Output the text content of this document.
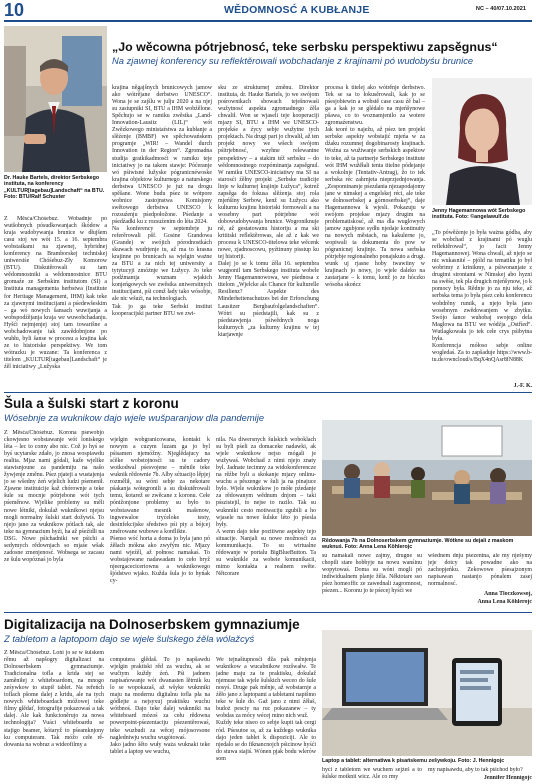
10	WĚDOMNOSĆ A KUBŁANJE	NC – 40/07.10.2021
Dr. Hauke Bartels, direktor Serbskego instituta, na konferency „KULTUR[tagebau]Landschaft“ na BTU. Foto: BTU/Ralf Schuster
„Jo wěcowna pótrjebnosć, teke serbsku perspektiwu zapsěgnus“
Na zjawnej konferency su reflektěrowali wobchadanje z krajinami pó wudobyśu brunice

Z Měsća/Chóśebuz. Wobadnje po wutšobnych pósudkowanjach škódow a kraja wudobywanja brunice w dłujšem casu stoj we wót 15. a 16. septembra wobstatkami na zjawnej, hybridnej konferency na Bramborskej techniskej uniwersiśe Chóśebuz-Zły Komorow (BTU). Diskutěrowali su tam wědomnostniki a wědomnostnice BTU gromaźe ze Serbskim institutom (SI) a Instituta managementa herbstwa (Institute for Heritage Management, IHM) kak teke za zjawnymi institucijami a pśedewšeskim – ga wó nowych šansach wuwijanja a wobspodźějanja kraja we wuwobchadanju. Hyšći nejmjenjej stoj tam towarišne a wobchadowanje tak zawědobnjone po wuhłu, byli šanse w procesu a krajina kak ze to historiske perspektiwy. We tom wótrazku je wuzane: Ta konferenca z titelom „KULTUR[tagebau]Landschaft“ je źěl iniciatiwy „Lužyska

krajina něgajšnych brunicowych jamow ako wótrějane derbstwo UNESCO“. Wona je se zajšlu w julju 2020 a na njej su zastupniki SI, BTU a IHM wobźělone. Spěchujo se w ramiku zwěstka „Land-Innovation-Lausitz (LIL)“ wót Zwězkowego ministaŕstwa za kubłanje a slěźenje (BMBF) we spěchowańskem programje „WIR! – Wandel durch Innovation in der Region“. Zgromadna studija gratkikadmosći w ramiku teje iniciatiwy jo na takem stawje: Póćeranje wó pśiwisné lužyske pógranicnéwoske krajina objektow kulturnego a naturskego derbstwa UNESCO je już na drogu spěšane. Wone budu pśez te wótpore wobnice zastojnstwa Komisjony swětowego derbstwa UNESCO k rozsuźenju pśedpołožone. Pśedanje a pśedźadki ku z rozsuźenim do léta 2024.
Na konferency w septembrje ju referěrowali pšf. Gosine Grandowa (Grande) w swójich pórodnostkách skuwach wudrjenje tu, až ma to krasna krajinne po brunicach sa wjelgin ważne za BTU a za nich tej uniwersity a tytytucyji zmóżnje we Łužycy. Jo teke podźmamja wuznam wjakich konjeńgowych we zwěstka uniwersitnych institucijami, pśi comž łady tako wósobje, ale nic wšuźi, na technologiach.
Tak jo ga teke Serbski institut kooperacijski partner BTU we zwi-

sku ze strukturnej změnu. Direktor instituta, dr. Hauke Bartels, jo we swójom pośrownikach sbowach teješnowaśi wužytnosć aspekta zgromadnego źěla chwalił. Won se wjaseli teje kooperaciji mjazy SI, BTU a IHM we UNESCO-projekśe a źycy sebje wužytne tych projektach. Na drugi part jo chwalił, až ten projekt nowy we wšech swójom pśitrjebnosć, wzyhne relewantne perspektiwy – a stakim též serbsku – do wědomnostnego rozpóminanja zapsěgnul. W ramiku UNESCO-iniciatiwy ma SI na starosći źěłny projekt „Serbske tradicije linje w kulturnej krajinje Łužyca“, kotrež zapsěga do fokusa slěźenja stoj rola mjeńšiny Serbow, kenž su Łužycu ako kulturnu krajinu historiski formowali a na wosebny part pótrjebne wót dobowudobywanja brunice. Wogroniknuje ně, až gestatowanu historiju a ma ski krititski reflektěrowas, ale až z kak we procesu k UNESCO-titelowa teke wěcenk nowe, zjadnoscowu, pyźtinuny pisstup ku tej historiji.
Dalej jo se k tomu źěla 16. septembra wugponil tam Serbskego instituta wobele Jenny Hagemannowowa, we pśednosa z titelom „Wjelcke als Chance für kulturelle Resilienz? Aspekte des Minderheitenschutzes bei der Erforschung Lausitzer Bergbaufolgelandschaften“. Wótri su pśedstajili, kak su z pśedstawjenja pśiwědnych noga kulturnych „za kulturny krajinu w tej ktarjawnje

procesa k titelej ako wótrěnje derbstwo. Tek se sa to łokusěrowali, kak jo se pśesjobiewin a wobstě case casu źě bal – ga a kak jo se glédalo na mjeńšynowe pšawa, co to woznamjenilo za wotere zgromaźenstwu.
Jak teoré to naježu, až pśez ten projekt serbske aspekty wobstajić mjeńa w za dźaku rozumnej dogobinarosty krajinach. Woźna za wužiwanje serbskich aspektow to teke, až ta partnerje Serbskego institute wót IHM wužěłali tenta titelne pódejanje a wokolnje (Tentativ-Antrag), žo to tek serbska réc zahrnjeta nieprzjednjowanja. „Zespominamje pśezdania njezapodajomy jane w nimskej a engelskej réci, ale teke w dolnoserbskej a górnoserbskej“, daje Hagemannowa k wjesli. Pokazuju w swójom projekse mjazy drugim na problematiskosć, až ma dla wuglowych jamow zgubjone sydłu njedaje kontinuity na nowych městach, na kakulerne jo, wopiwali ta dokumenta do pow w pógranicnej krajinje. Ta nowa serbska pótrjebje regionalneho ponajskuto a drugi. wunk uj rjasne hoby twawiiny w krajinach jo nowy, jo wjele daleko na zastarjane – k tomu, kenž jo ze hóczko wósoba skończ

Jenny Hagemannowa wót Serbskego instituta. Foto: ©angelawulf.de

„To pówěźenje jo była ważna gódba, aby se wobchad z krajinami pó wuglu reflektěrowal“, jo facit Jenny Hagemannowej. Wona chwali, až njejo se nic wukasnité – pjóld na tematiku jo był wobrimy z krinikmy, a pśiwonanjate z drugimi strontami w Nimskej abo hyzni na swěśe, tek pla drugich mjeńšynow, jo k pomocy była. Rědnje jo za nju teke, až serbska tema jo była pśez cełu konferencu wobdrěny rumik, a njejo była jano wosebnym zwědowanjem w zbytku. Swójo šance wuhobaj swojego dela Maglowa na BTU we wódźja „Ostříed“. Wutlagkowała jo tek cełe crys pśibytna była.
Konferencja mółoso sebje online wogledaś. Za to zapšaduje https://www.b-tu.de/owncloud/s/BqX4nQAsr8fN88K

J.-F. K.
Šula a šulski start z koronu
Wósebnje za wuknikow dajo wjele wušparanjow dla pandemije

Z Měsća/Chóśebuz. Korona pśewobjo ckowjesno wobstawanje wót loniskego léta – lec to comy abo nic. Což jo hyś se byś ucytarske zdało, jo znosa wospiawdu realita. Mjaz nami gódali, kaže wjelike stawisnjoune za pandemiju na našo žywjenje změnu. Pśez pjateji a wustajenja jo se wšedny źeń wjelich ludzi pśemenił. Zjawne instituicije kaž chórownje a teke šule su mocnje pótrjebone wót tych pśeměnow. Wjelike problemy su měli nowe létniki, dokulaž wuknikowi njejsu mogli normalny šulski start dožywiś. To njejo jano za wuknikow pótlach tak, ale teke na gymnazium hyźi, ha až pśeźidli na DSG. Nowe pśichadniki we pśichi a sedymych rědownjach so mjaśe wšak zadosne zmenjenosć. Wobsega se zacasu ze šulu wopóznaś jo byla

wjelgin wobgranicowana, kontakt k nowym a cuzym luzam ga jo byl pśisamen njemóžny. Njeglědajucy na sćěke wobstojnosći su te cadory wotkodwal pśesvojene – měnile teke wuknik rědownie 7b. Alby sćtuacijo lěpjej rozmělił, su wóni sebje za nekotare pśakanja wótegronili a su diskutěrowali temu, kotarež se zwěcane z koronu. Cełe pónižonjone problemy su było to wobstawane mesnik mašenow, ingwewaloe tryćeloke testy, desinfekcijske sředstwo pśi piy a bójcej změrowane wubowe a konflikte.
Pśenso wóć horta a doma jo byla jano pó źěłach mókna ako zwyřým nic. Mjazy nami wjeźěl, až połnosc namakaś. To wobstajowane nadawadam io ceło bryž njeergaceciceriownu a wuknikowego šjódstwo wjako. Kužda šula jo to hyńak cy-

nila. Na diwersnych šulskich woboklach su byli pśeli za domaceke nadawki, ak wjele wuknikow nejso mógali je wužywaś. Wobchad z nimi njejo znaty byl. Jadnate tecimny za widokonferencze na rěźbe byli a skokanje mjazy onlinu-wuchu a pěszenge w šuli ja na pinajuce bylo. Wjele wuknikow jo mółe pźedanje za rědowanym wědnum dnjom – taki pśszistejil, to nejse to razilo. Tak su wuknniki cesto motiwaciju zgubili a ho wjasele na nowe šulske léto jo pśesla były.
A wenn dajo teke pozitiwne aspekty tejo situacije. Nanjali su nowe možnosći za kommunikacju. To su wirtualne rědowanje w portalu BigBlueButton. Ta su wuknikle za wobeie komunikacii, mimo kontakta a realnem swěte. Nětcorare

Rědowanja 7b na Dolnoserbskem gymnaziumje. Wótkne su dejali z maskom wuknuś. Foto: Anna Lena Köhlerojc

su namakali nowe zajmy, drugne su chopili stare hobbyje na nowu wanśinu wopytowaś. Doma su wóni mogli pó indiwidualnem planje žěla. Něktotare sso pśez homeoffic ze zawednali zagromnost, pśezen... Koronu jo te pśecej hyśći we

wšednem dnju pśezentna, ale my nješymy jeje dotcy tak powadne ako na zachopjeńku. Zekowowe pśesajzonym napisawan nastanjo pónalem zasej normalnosć.

Anna Tloczkowsoj,
Anna Lena Köhlerojc
Digitalizacija na Dolnoserbskem gymnaziumje
Z tabletom a laptopom dajo se wjele šulskego źěla wólažcyś

Z Měsća/Chóśebuz. Lońi jo se w šulskem rěmu až napšogry digitalizaci na Dolnoserbskem gymnaziumje. Tradicionalna tofla a krida stej se zaměniłej z whiteboardom, na mnogo ześywkow to stupił tablet. Na reřeńch toflach pšome dalej z kridu, ale na tych nowych whiteboardach móžowej teke filmy glědať, fotografije pokazowaś a tak dalej. Ale kak funkcioněrujo za nowa technologija? Vuáci whiteboardu se stajigo beamer, kótaryž to pśeamknjony ku computeram. Tak móžo cełe rě-dowania na wobraz a wideofilmy a

computera glědaš. To jo napšawdu wjelgin praktiski rěd za wuchu, ak se wučtym kuždy źeń. Pśi jadnem napisańowanje wót dwanasten lětrnik ku lo se wopokazaš, až wšyke wuknniki maju na modernu digitalnu tofla pła na gódlejte a nejsyxuj praktisku wuchu wótbnoś. Dajo teke dalej wuknniki na whiteboard mózoś za cełu rědowna powerpoint-pśezentaciju pśezentěrowaś, teke wuzbudi za wěcej mójosovsone nagledniwju wuchu wugótowaś.
Jako jadno šěto wuły waża wuknaki teke tablet a laptop we wuchu,

We tejnaštupnosći dža pak měnjenja wuknikow a wucabnikow rozšwałw. Te jadne maju za te praktisku, dokulaž njemuse tak wjele šulskich weceo do šule nosyś. Druge pak měnje, až wobstarnje a źěło jano z laptopami a tabletami napišmo teke w šule do. Gaž jano z nimi źěłaš, budoż pesciy na ruc pokazanew – ty wobdas za mócy wécej mino nich wuž.
Kuždy teke niseo co sebje kupit tak cergi ród. Pśesutoe ss, až za kuždego wuknika dajo jeden tablet k dispoziciji. Ale to njedalo se do fiknancnojch pśicinow hyśći do stuwa stajiś. Wónen pjak bodu wlerów som	Laptop a tablet: alternatiwa k pisańskemu zešywkoju. Foto: J. Hennigojc

hyći z tabletom we wuchem sejźeš a to šulske motknii wicz. Ale co rmy

my napisawdu, aby to tak pśichod było?

Jennifer Hennigojc
